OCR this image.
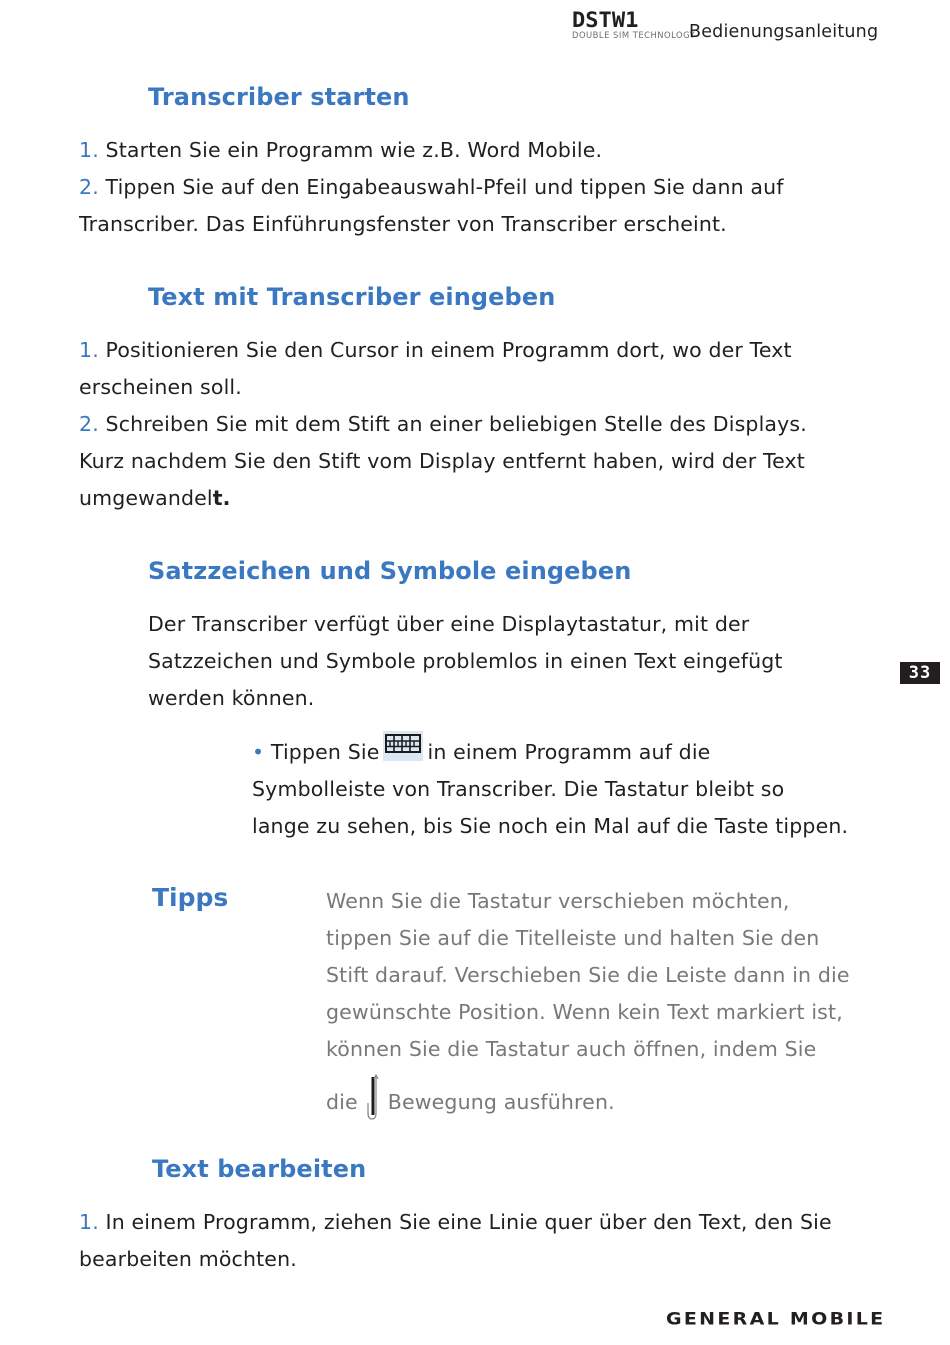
DSTW1
DOUBLE SIM TECHNOLOGY
Bedienungsanleitung
Transcriber starten
1. Starten Sie ein Programm wie z.B. Word Mobile.
2. Tippen Sie auf den Eingabeauswahl-Pfeil und tippen Sie dann auf
Transcriber. Das Einführungsfenster von Transcriber erscheint.
Text mit Transcriber eingeben
1. Positionieren Sie den Cursor in einem Programm dort, wo der Text
erscheinen soll.
2. Schreiben Sie mit dem Stift an einer beliebigen Stelle des Displays.
Kurz nachdem Sie den Stift vom Display entfernt haben, wird der Text
umgewandelt.
Satzzeichen und Symbole eingeben
Der Transcriber verfügt über eine Displaytastatur, mit der
Satzzeichen und Symbole problemlos in einen Text eingefügt
werden können.
• Tippen Sie in einem Programm auf die
Symbolleiste von Transcriber. Die Tastatur bleibt so
lange zu sehen, bis Sie noch ein Mal auf die Taste tippen.
Tipps	Wenn Sie die Tastatur verschieben möchten,
tippen Sie auf die Titelleiste und halten Sie den
Stift darauf. Verschieben Sie die Leiste dann in die
gewünschte Position. Wenn kein Text markiert ist,
können Sie die Tastatur auch öffnen, indem Sie
die Bewegung ausführen.
Text bearbeiten
1. In einem Programm, ziehen Sie eine Linie quer über den Text, den Sie
bearbeiten möchten.
33
GENERAL MOBILE
